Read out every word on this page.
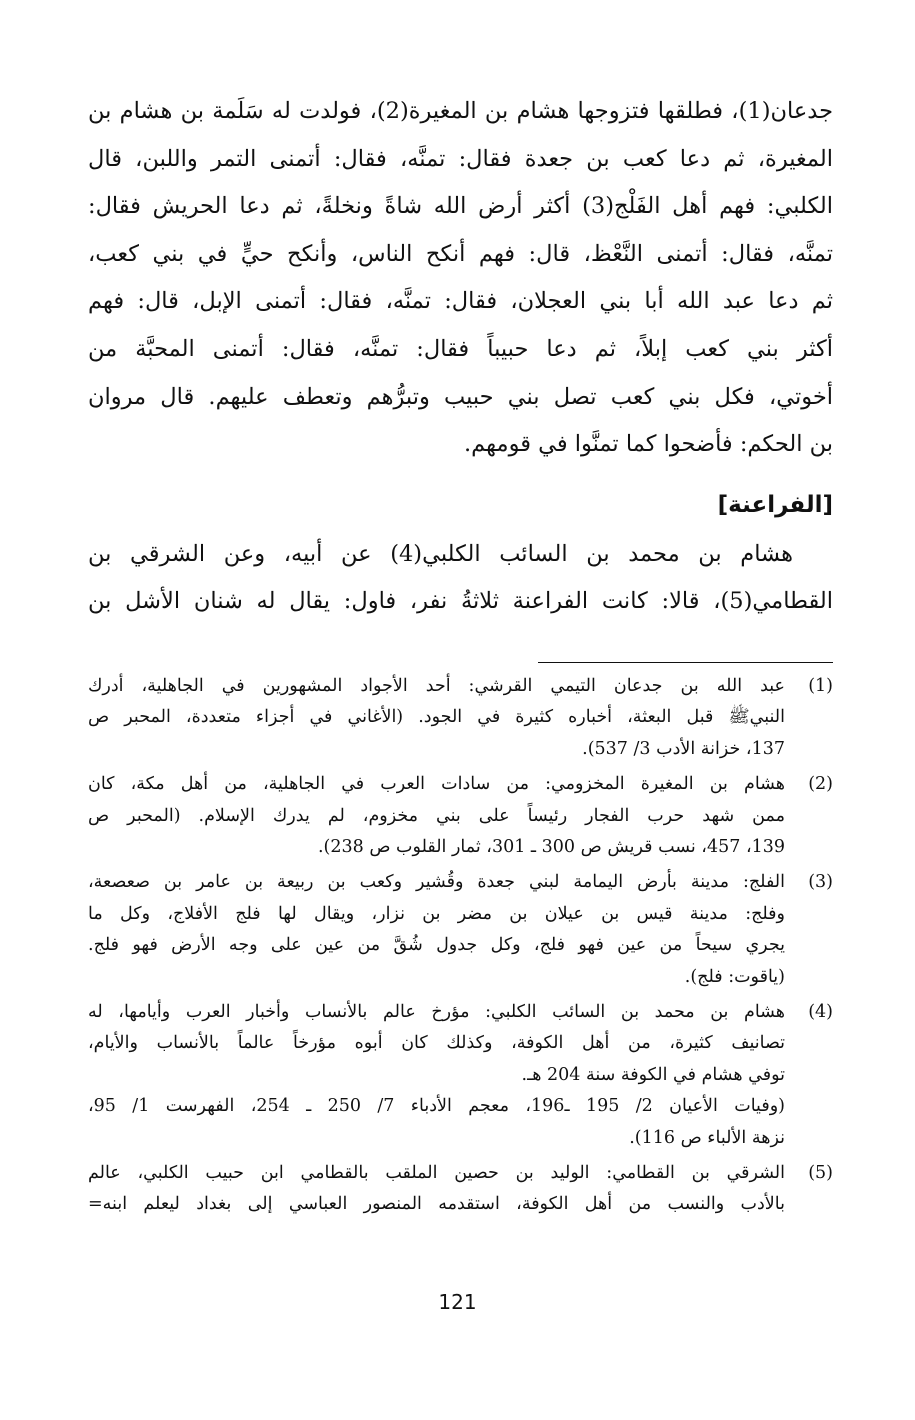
جدعان(1)، فطلقها فتزوجها هشام بن المغيرة(2)، فولدت له سَلَمة بن هشام بن
المغيرة، ثم دعا كعب بن جعدة فقال: تمنَّه، فقال: أتمنى التمر واللبن، قال
الكلبي: فهم أهل الفَلْج(3) أكثر أرض الله شاةً ونخلةً، ثم دعا الحريش فقال:
تمنَّه، فقال: أتمنى النَّعْظ، قال: فهم أنكح الناس، وأنكح حيٍّ في بني كعب،
ثم دعا عبد الله أبا بني العجلان، فقال: تمنَّه، فقال: أتمنى الإبل، قال: فهم
أكثر بني كعب إبلاً، ثم دعا حبيباً فقال: تمنَّه، فقال: أتمنى المحبَّة من
أخوتي، فكل بني كعب تصل بني حبيب وتبرُّهم وتعطف عليهم. قال مروان
بن الحكم: فأضحوا كما تمنَّوا في قومهم.
[الفراعنة]
هشام بن محمد بن السائب الكلبي(4) عن أبيه، وعن الشرقي بن
القطامي(5)، قالا: كانت الفراعنة ثلاثةُ نفر، فاول: يقال له شنان الأشل بن
(1)
عبد الله بن جدعان التيمي القرشي: أحد الأجواد المشهورين في الجاهلية، أدرك
النبيﷺ قبل البعثة، أخباره كثيرة في الجود. (الأغاني في أجزاء متعددة، المحبر ص
137، خزانة الأدب 3/ 537).
(2)
هشام بن المغيرة المخزومي: من سادات العرب في الجاهلية، من أهل مكة، كان
ممن شهد حرب الفجار رئيساً على بني مخزوم، لم يدرك الإسلام. (المحبر ص
139، 457، نسب قريش ص 300 ـ 301، ثمار القلوب ص 238).
(3)
الفلج: مدينة بأرض اليمامة لبني جعدة وقُشير وكعب بن ربيعة بن عامر بن صعصعة،
وفلج: مدينة قيس بن عيلان بن مضر بن نزار، ويقال لها فلج الأفلاج، وكل ما
يجري سيحاً من عين فهو فلج، وكل جدول شُقَّ من عين على وجه الأرض فهو فلج.
(ياقوت: فلج).
(4)
هشام بن محمد بن السائب الكلبي: مؤرخ عالم بالأنساب وأخبار العرب وأيامها، له
تصانيف كثيرة، من أهل الكوفة، وكذلك كان أبوه مؤرخاً عالماً بالأنساب والأيام،
توفي هشام في الكوفة سنة 204 هـ.
(وفيات الأعيان 2/ 195 ـ196، معجم الأدباء 7/ 250 ـ 254، الفهرست 1/ 95،
نزهة الألباء ص 116).
(5)
الشرقي بن القطامي: الوليد بن حصين الملقب بالقطامي ابن حبيب الكلبي، عالم
بالأدب والنسب من أهل الكوفة، استقدمه المنصور العباسي إلى بغداد ليعلم ابنه=
121
